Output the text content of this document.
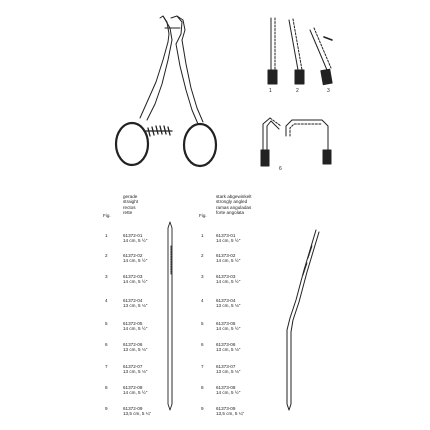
1	2	3
6
gerade
straight
rectos
rette
Fig.
stark abgewinkelt
strongly angled
ramas anguladas
forte angolata
Fig.
1	61372-01
14 cm, 5 ½"
2	61372-02
14 cm, 5 ½"
3	61372-03
14 cm, 5 ½"
4	61372-04
13 cm, 5 ⅛"
5	61372-05
14 cm, 5 ½"
6	61372-06
13 cm, 5 ⅛"
7	61372-07
13 cm, 5 ⅛"
8	61372-08
14 cm, 5 ½"
9	61372-09
13,5 cm, 5 ¼"
1	61373-01
14 cm, 5 ½"
2	61373-02
14 cm, 5 ½"
3	61373-03
14 cm, 5 ½"
4	61373-04
13 cm, 5 ⅛"
5	61373-05
14 cm, 5 ½"
6	61373-06
13 cm, 5 ⅛"
7	61373-07
13 cm, 5 ⅛"
8	61373-08
14 cm, 5 ½"
9	61373-09
13,5 cm, 5 ¼"
